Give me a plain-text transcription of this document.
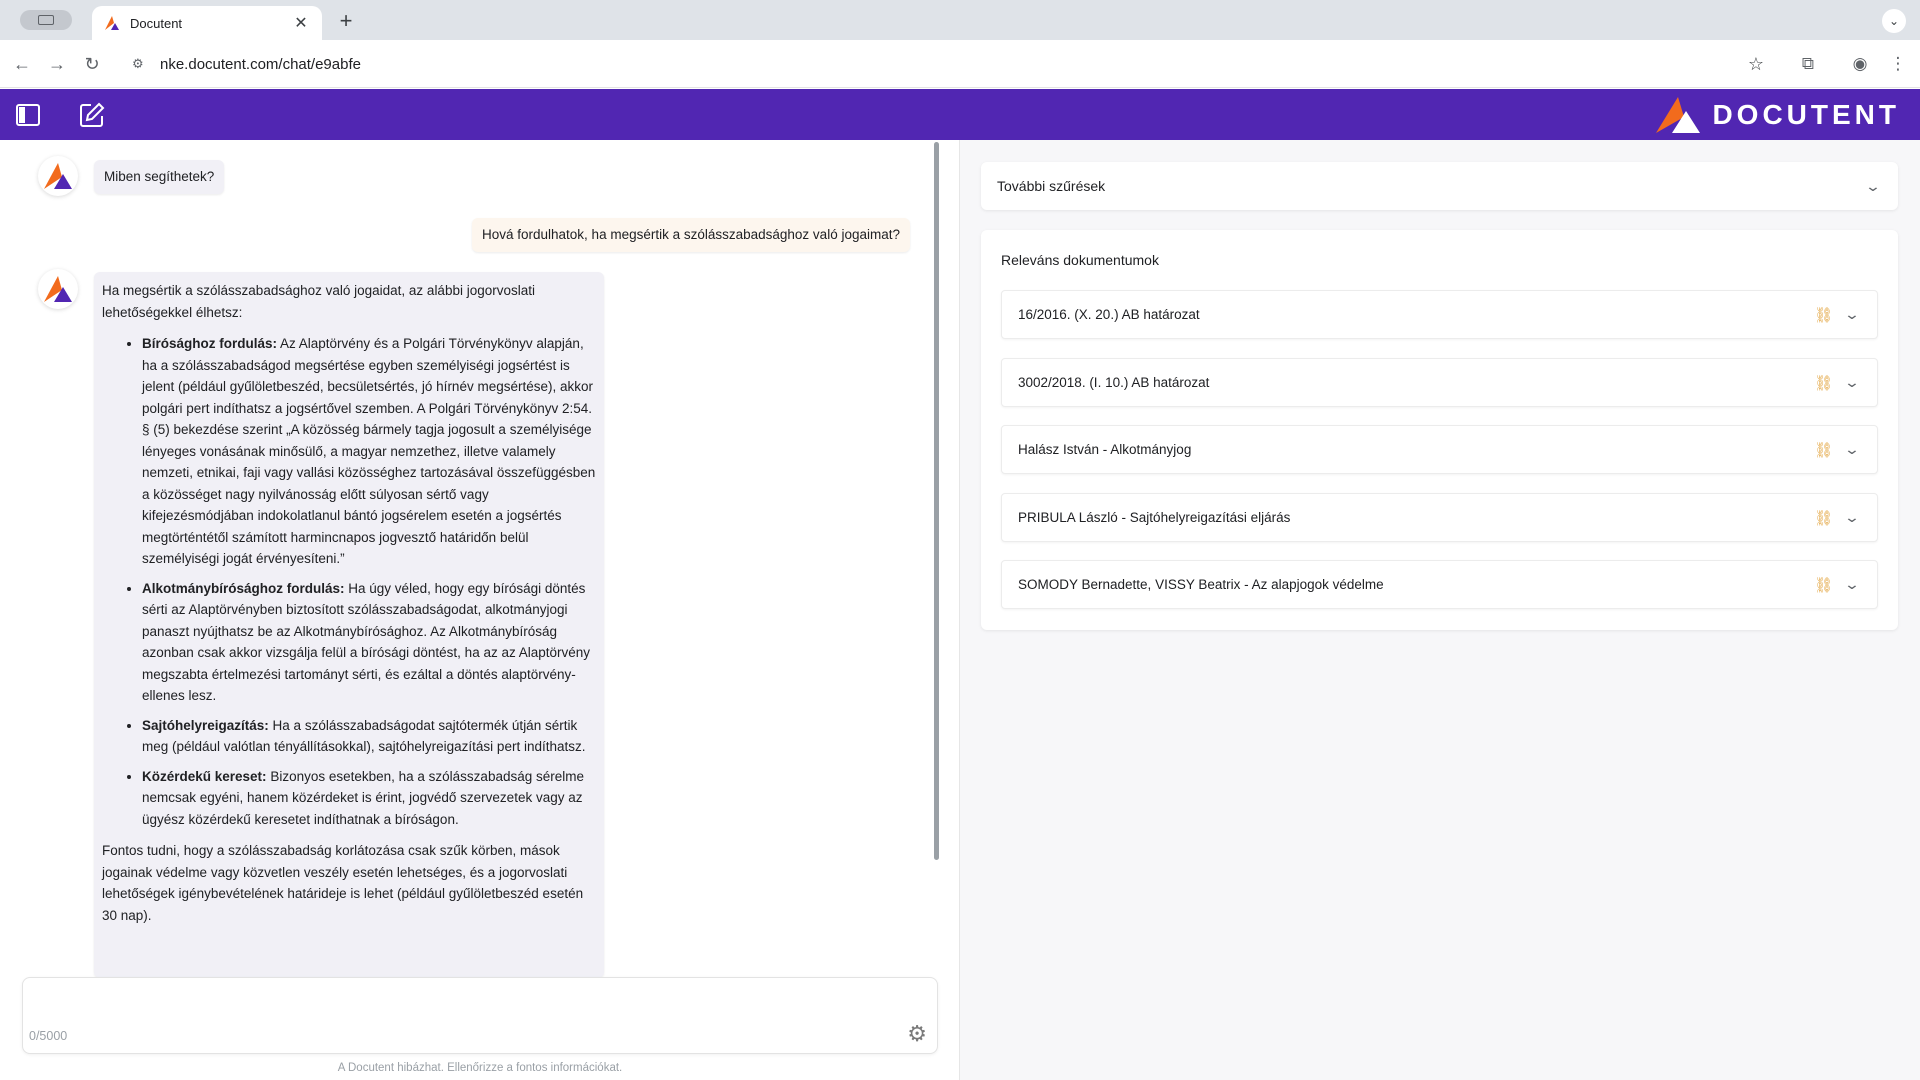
Docutent	✕ +	⌄
← → ↻	⚙ nke.docutent.com/chat/e9abfe	☆	⧉	◉ ⋮
DOCUTENT
Miben segíthetek?
Hová fordulhatok, ha megsértik a szólásszabadsághoz való jogaimat?

Ha megsértik a szólásszabadsághoz való jogaidat, az alábbi jogorvoslati lehetőségekkel élhetsz:

• Bírósághoz fordulás: Az Alaptörvény és a Polgári Törvénykönyv alapján, ha a szólásszabadságod megsértése egyben személyiségi jogsértést is jelent (például gyűlöletbeszéd, becsületsértés, jó hírnév megsértése), akkor polgári pert indíthatsz a jogsértővel szemben. A Polgári Törvénykönyv 2:54. § (5) bekezdése szerint „A közösség bármely tagja jogosult a személyisége lényeges vonásának minősülő, a magyar nemzethez, illetve valamely nemzeti, etnikai, faji vagy vallási közösséghez tartozásával összefüggésben a közösséget nagy nyilvánosság előtt súlyosan sértő vagy kifejezésmódjában indokolatlanul bántó jogsérelem esetén a jogsértés megtörténtétől számított harmincnapos jogvesztő határidőn belül személyiségi jogát érvényesíteni.”
• Alkotmánybírósághoz fordulás: Ha úgy véled, hogy egy bírósági döntés sérti az Alaptörvényben biztosított szólásszabadságodat, alkotmányjogi panaszt nyújthatsz be az Alkotmánybírósághoz. Az Alkotmánybíróság azonban csak akkor vizsgálja felül a bírósági döntést, ha az az Alaptörvény megszabta értelmezési tartományt sérti, és ezáltal a döntés alaptörvény-ellenes lesz.
• Sajtóhelyreigazítás: Ha a szólásszabadságodat sajtótermék útján sértik meg (például valótlan tényállításokkal), sajtóhelyreigazítási pert indíthatsz.
• Közérdekű kereset: Bizonyos esetekben, ha a szólásszabadság sérelme nemcsak egyéni, hanem közérdeket is érint, jogvédő szervezetek vagy az ügyész közérdekű keresetet indíthatnak a bíróságon.

Fontos tudni, hogy a szólásszabadság korlátozása csak szűk körben, mások jogainak védelme vagy közvetlen veszély esetén lehetséges, és a jogorvoslati lehetőségek igénybevételének határideje is lehet (például gyűlöletbeszéd esetén 30 nap).

0/5000	⚙
A Docutent hibázhat. Ellenőrizze a fontos információkat.
További szűrések	⌄
Releváns dokumentumok
16/2016. (X. 20.) AB határozat	⛓ ⌄
3002/2018. (I. 10.) AB határozat	⛓ ⌄
Halász István - Alkotmányjog	⛓ ⌄
PRIBULA László - Sajtóhelyreigazítási eljárás	⛓ ⌄
SOMODY Bernadette, VISSY Beatrix - Az alapjogok védelme	⛓ ⌄
